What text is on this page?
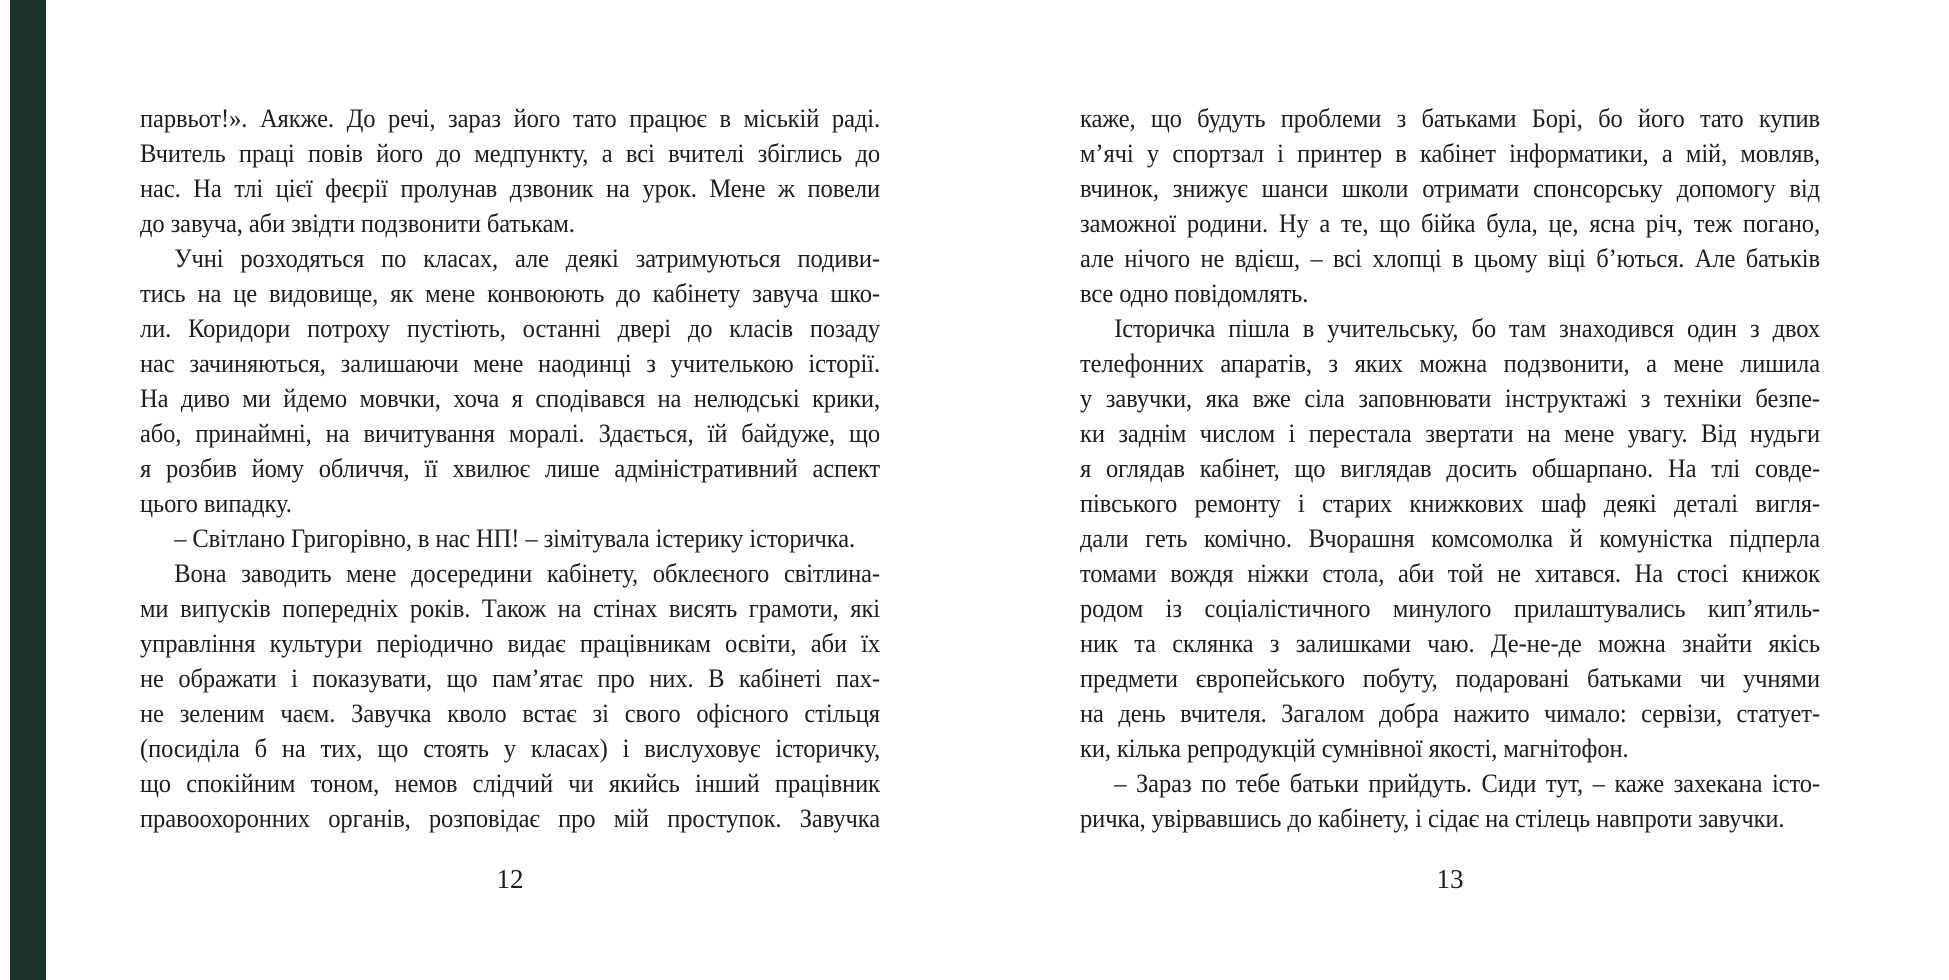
парвьот!». Аякже. До речі, зараз його тато працює в міській раді.
Вчитель праці повів його до медпункту, а всі вчителі збіглись до
нас. На тлі цієї феєрії пролунав дзвоник на урок. Мене ж повели
до завуча, аби звідти подзвонити батькам.
Учні розходяться по класах, але деякі затримуються подиви-
тись на це видовище, як мене конвоюють до кабінету завуча шко-
ли. Коридори потроху пустіють, останні двері до класів позаду
нас зачиняються, залишаючи мене наодинці з учителькою історії.
На диво ми йдемо мовчки, хоча я сподівався на нелюдські крики,
або, принаймні, на вичитування моралі. Здається, їй байдуже, що
я розбив йому обличчя, її хвилює лише адміністративний аспект
цього випадку.
– Світлано Григорівно, в нас НП! – зімітувала істерику історичка.
Вона заводить мене досередини кабінету, обклеєного світлина-
ми випусків попередніх років. Також на стінах висять грамоти, які
управління культури періодично видає працівникам освіти, аби їх
не ображати і показувати, що пам’ятає про них. В кабінеті пах-
не зеленим чаєм. Завучка кволо встає зі свого офісного стільця
(посиділа б на тих, що стоять у класах) і вислуховує історичку,
що спокійним тоном, немов слідчий чи якийсь інший працівник
правоохоронних органів, розповідає про мій проступок. Завучка
12
каже, що будуть проблеми з батьками Борі, бо його тато купив
м’ячі у спортзал і принтер в кабінет інформатики, а мій, мовляв,
вчинок, знижує шанси школи отримати спонсорську допомогу від
заможної родини. Ну а те, що бійка була, це, ясна річ, теж погано,
але нічого не вдієш, – всі хлопці в цьому віці б’ються. Але батьків
все одно повідомлять.
Історичка пішла в учительську, бо там знаходився один з двох
телефонних апаратів, з яких можна подзвонити, а мене лишила
у завучки, яка вже сіла заповнювати інструктажі з техніки безпе-
ки заднім числом і перестала звертати на мене увагу. Від нудьги
я оглядав кабінет, що виглядав досить обшарпано. На тлі совде-
півського ремонту і старих книжкових шаф деякі деталі вигля-
дали геть комічно. Вчорашня комсомолка й комуністка підперла
томами вождя ніжки стола, аби той не хитався. На стосі книжок
родом із соціалістичного минулого прилаштувались кип’ятиль-
ник та склянка з залишками чаю. Де-не-де можна знайти якісь
предмети європейського побуту, подаровані батьками чи учнями
на день вчителя. Загалом добра нажито чимало: сервізи, статует-
ки, кілька репродукцій сумнівної якості, магнітофон.
– Зараз по тебе батьки прийдуть. Сиди тут, – каже захекана істо-
ричка, увірвавшись до кабінету, і сідає на стілець навпроти завучки.
13
